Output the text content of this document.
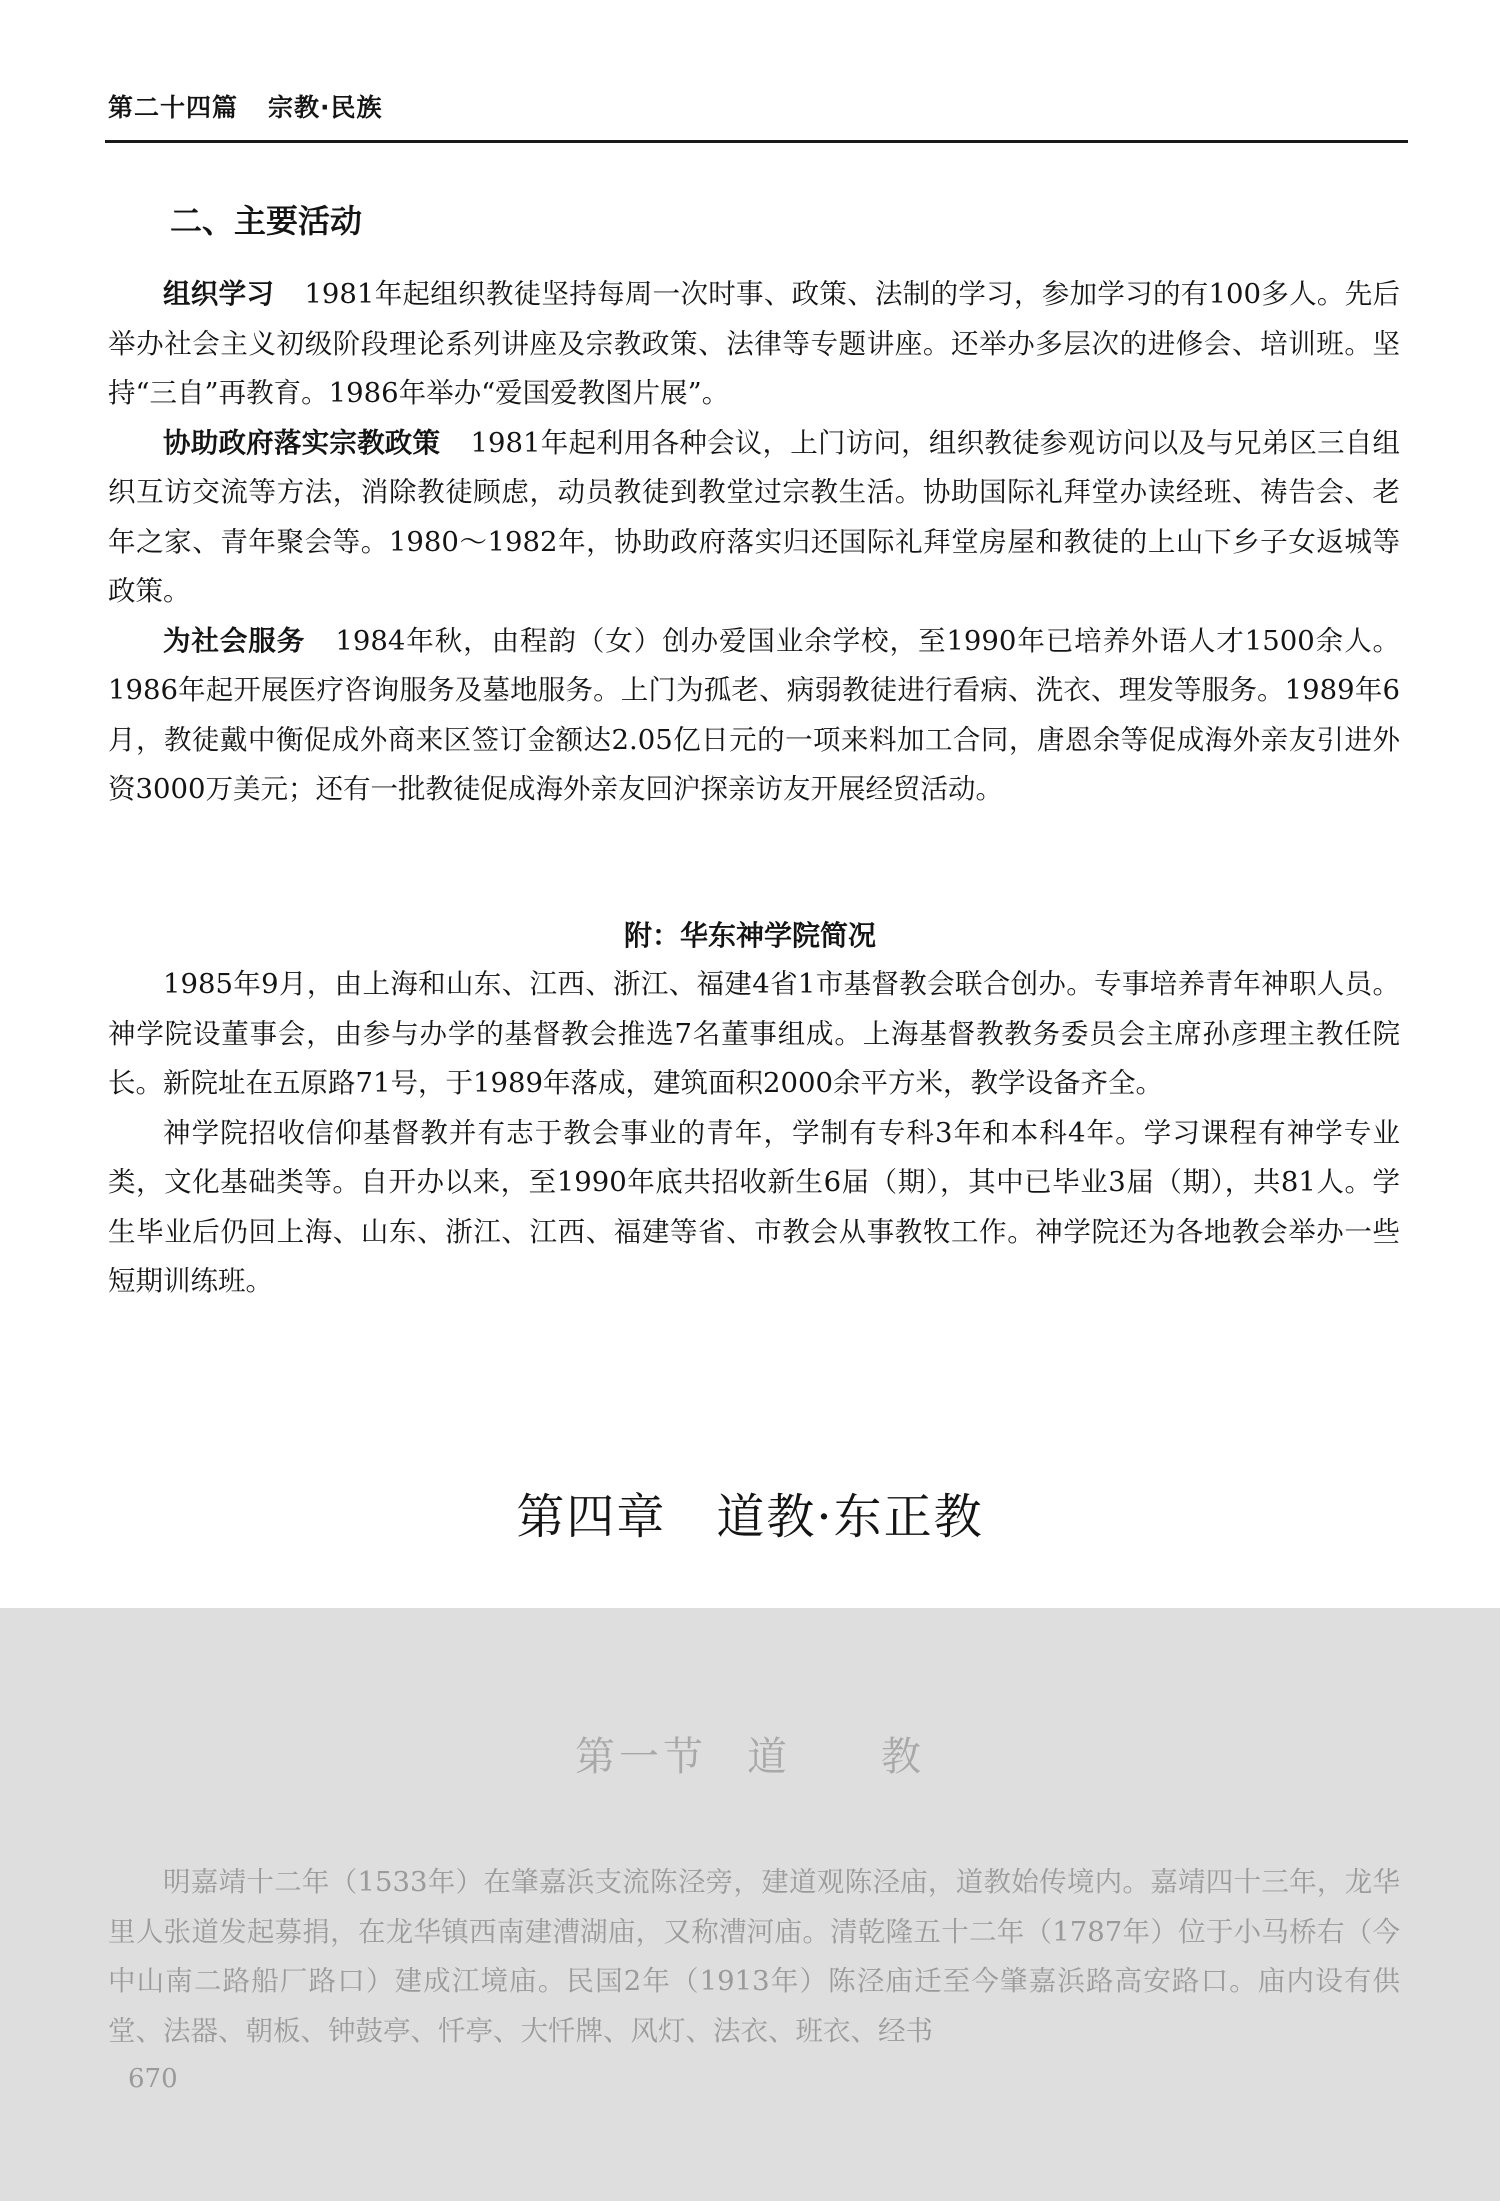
第二十四篇 宗教·民族
二、主要活动

组织学习 1981年起组织教徒坚持每周一次时事、政策、法制的学习，参加学习的有100多人。先后举办社会主义初级阶段理论系列讲座及宗教政策、法律等专题讲座。还举办多层次的进修会、培训班。坚持“三自”再教育。1986年举办“爱国爱教图片展”。

协助政府落实宗教政策 1981年起利用各种会议，上门访问，组织教徒参观访问以及与兄弟区三自组织互访交流等方法，消除教徒顾虑，动员教徒到教堂过宗教生活。协助国际礼拜堂办读经班、祷告会、老年之家、青年聚会等。1980～1982年，协助政府落实归还国际礼拜堂房屋和教徒的上山下乡子女返城等政策。

为社会服务 1984年秋，由程韵（女）创办爱国业余学校，至1990年已培养外语人才1500余人。1986年起开展医疗咨询服务及墓地服务。上门为孤老、病弱教徒进行看病、洗衣、理发等服务。1989年6月，教徒戴中衡促成外商来区签订金额达2.05亿日元的一项来料加工合同，唐恩余等促成海外亲友引进外资3000万美元；还有一批教徒促成海外亲友回沪探亲访友开展经贸活动。

附：华东神学院简况

1985年9月，由上海和山东、江西、浙江、福建4省1市基督教会联合创办。专事培养青年神职人员。神学院设董事会，由参与办学的基督教会推选7名董事组成。上海基督教教务委员会主席孙彦理主教任院长。新院址在五原路71号，于1989年落成，建筑面积2000余平方米，教学设备齐全。

神学院招收信仰基督教并有志于教会事业的青年，学制有专科3年和本科4年。学习课程有神学专业类，文化基础类等。自开办以来，至1990年底共招收新生6届（期），其中已毕业3届（期），共81人。学生毕业后仍回上海、山东、浙江、江西、福建等省、市教会从事教牧工作。神学院还为各地教会举办一些短期训练班。

第四章 道教·东正教
第一节 道 教

明嘉靖十二年（1533年）在肇嘉浜支流陈泾旁，建道观陈泾庙，道教始传境内。嘉靖四十三年，龙华里人张道发起募捐，在龙华镇西南建漕湖庙，又称漕河庙。清乾隆五十二年（1787年）位于小马桥右（今中山南二路船厂路口）建成江境庙。民国2年（1913年）陈泾庙迁至今肇嘉浜路高安路口。庙内设有供堂、法器、朝板、钟鼓亭、忏亭、大忏牌、风灯、法衣、班衣、经书

670
